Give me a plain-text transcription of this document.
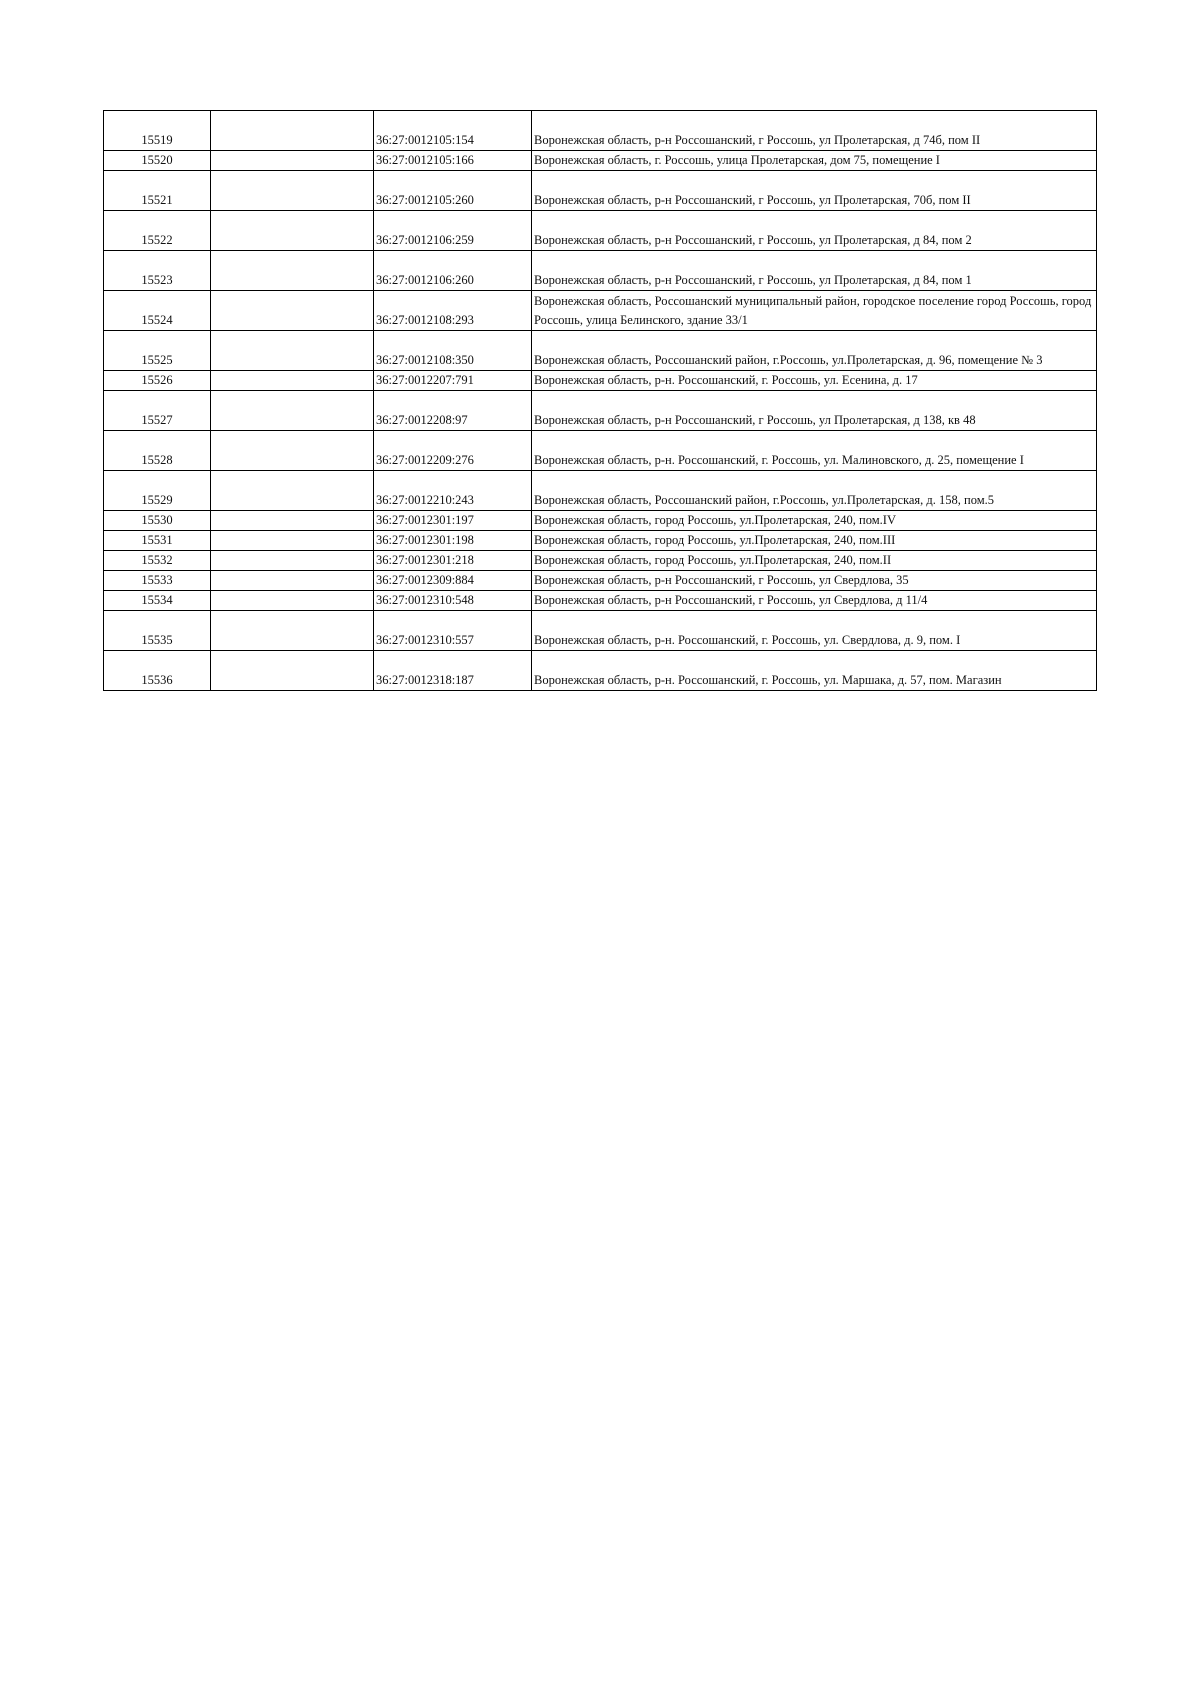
15519		36:27:0012105:154	Воронежская область, р-н Россошанский, г Россошь, ул Пролетарская, д 74б, пом II
15520		36:27:0012105:166	Воронежская область, г. Россошь, улица Пролетарская, дом 75, помещение I
15521		36:27:0012105:260	Воронежская область, р-н Россошанский, г Россошь, ул Пролетарская, 70б, пом II
15522		36:27:0012106:259	Воронежская область, р-н Россошанский, г Россошь, ул Пролетарская, д 84, пом 2
15523		36:27:0012106:260	Воронежская область, р-н Россошанский, г Россошь, ул Пролетарская, д 84, пом 1
15524		36:27:0012108:293	Воронежская область, Россошанский муниципальный район, городское поселение город Россошь, город Россошь, улица Белинского, здание 33/1
15525		36:27:0012108:350	Воронежская область, Россошанский район, г.Россошь, ул.Пролетарская, д. 96, помещение № 3
15526		36:27:0012207:791	Воронежская область, р-н. Россошанский, г. Россошь, ул. Есенина, д. 17
15527		36:27:0012208:97	Воронежская область, р-н Россошанский, г Россошь, ул Пролетарская, д 138, кв 48
15528		36:27:0012209:276	Воронежская область, р-н. Россошанский, г. Россошь, ул. Малиновского, д. 25, помещение I
15529		36:27:0012210:243	Воронежская область, Россошанский район, г.Россошь, ул.Пролетарская, д. 158, пом.5
15530		36:27:0012301:197	Воронежская область, город Россошь, ул.Пролетарская, 240, пом.IV
15531		36:27:0012301:198	Воронежская область, город Россошь, ул.Пролетарская, 240, пом.III
15532		36:27:0012301:218	Воронежская область, город Россошь, ул.Пролетарская, 240, пом.II
15533		36:27:0012309:884	Воронежская область, р-н Россошанский, г Россошь, ул Свердлова, 35
15534		36:27:0012310:548	Воронежская область, р-н Россошанский, г Россошь, ул Свердлова, д 11/4
15535		36:27:0012310:557	Воронежская область, р-н. Россошанский, г. Россошь, ул. Свердлова, д. 9, пом. I
15536		36:27:0012318:187	Воронежская область, р-н. Россошанский, г. Россошь, ул. Маршака, д. 57, пом. Магазин
